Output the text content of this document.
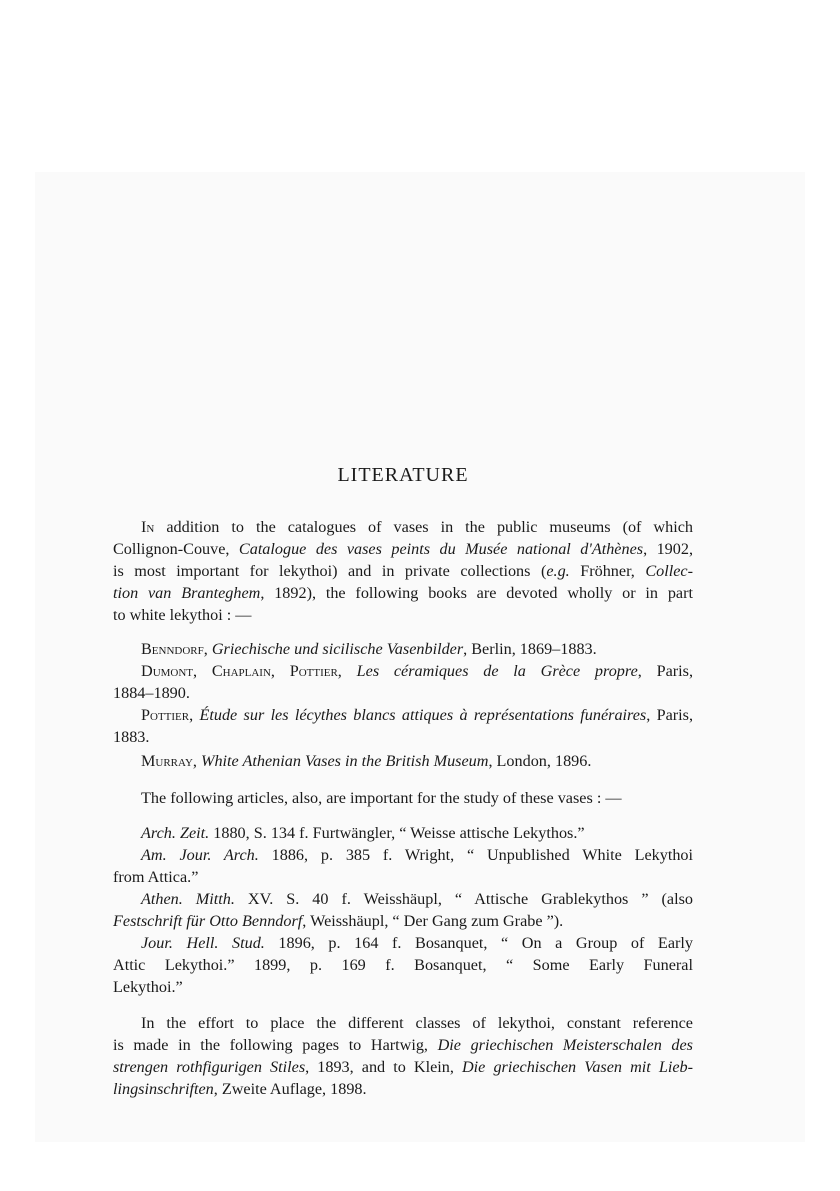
LITERATURE
In addition to the catalogues of vases in the public museums (of which
Collignon-Couve, Catalogue des vases peints du Musée national d'Athènes, 1902,
is most important for lekythoi) and in private collections (e.g. Fröhner, Collec-
tion van Branteghem, 1892), the following books are devoted wholly or in part
to white lekythoi : —
Benndorf, Griechische und sicilische Vasenbilder, Berlin, 1869–1883.
Dumont, Chaplain, Pottier, Les céramiques de la Grèce propre, Paris,
1884–1890.
Pottier, Étude sur les lécythes blancs attiques à représentations funéraires, Paris,
1883.
Murray, White Athenian Vases in the British Museum, London, 1896.
The following articles, also, are important for the study of these vases : —
Arch. Zeit. 1880, S. 134 f. Furtwängler, “ Weisse attische Lekythos.”
Am. Jour. Arch. 1886, p. 385 f. Wright, “ Unpublished White Lekythoi
from Attica.”
Athen. Mitth. XV. S. 40 f. Weisshäupl, “ Attische Grablekythos ” (also
Festschrift für Otto Benndorf, Weisshäupl, “ Der Gang zum Grabe ”).
Jour. Hell. Stud. 1896, p. 164 f. Bosanquet, “ On a Group of Early
Attic Lekythoi.” 1899, p. 169 f. Bosanquet, “ Some Early Funeral
Lekythoi.”
In the effort to place the different classes of lekythoi, constant reference
is made in the following pages to Hartwig, Die griechischen Meisterschalen des
strengen rothfigurigen Stiles, 1893, and to Klein, Die griechischen Vasen mit Lieb-
lingsinschriften, Zweite Auflage, 1898.
